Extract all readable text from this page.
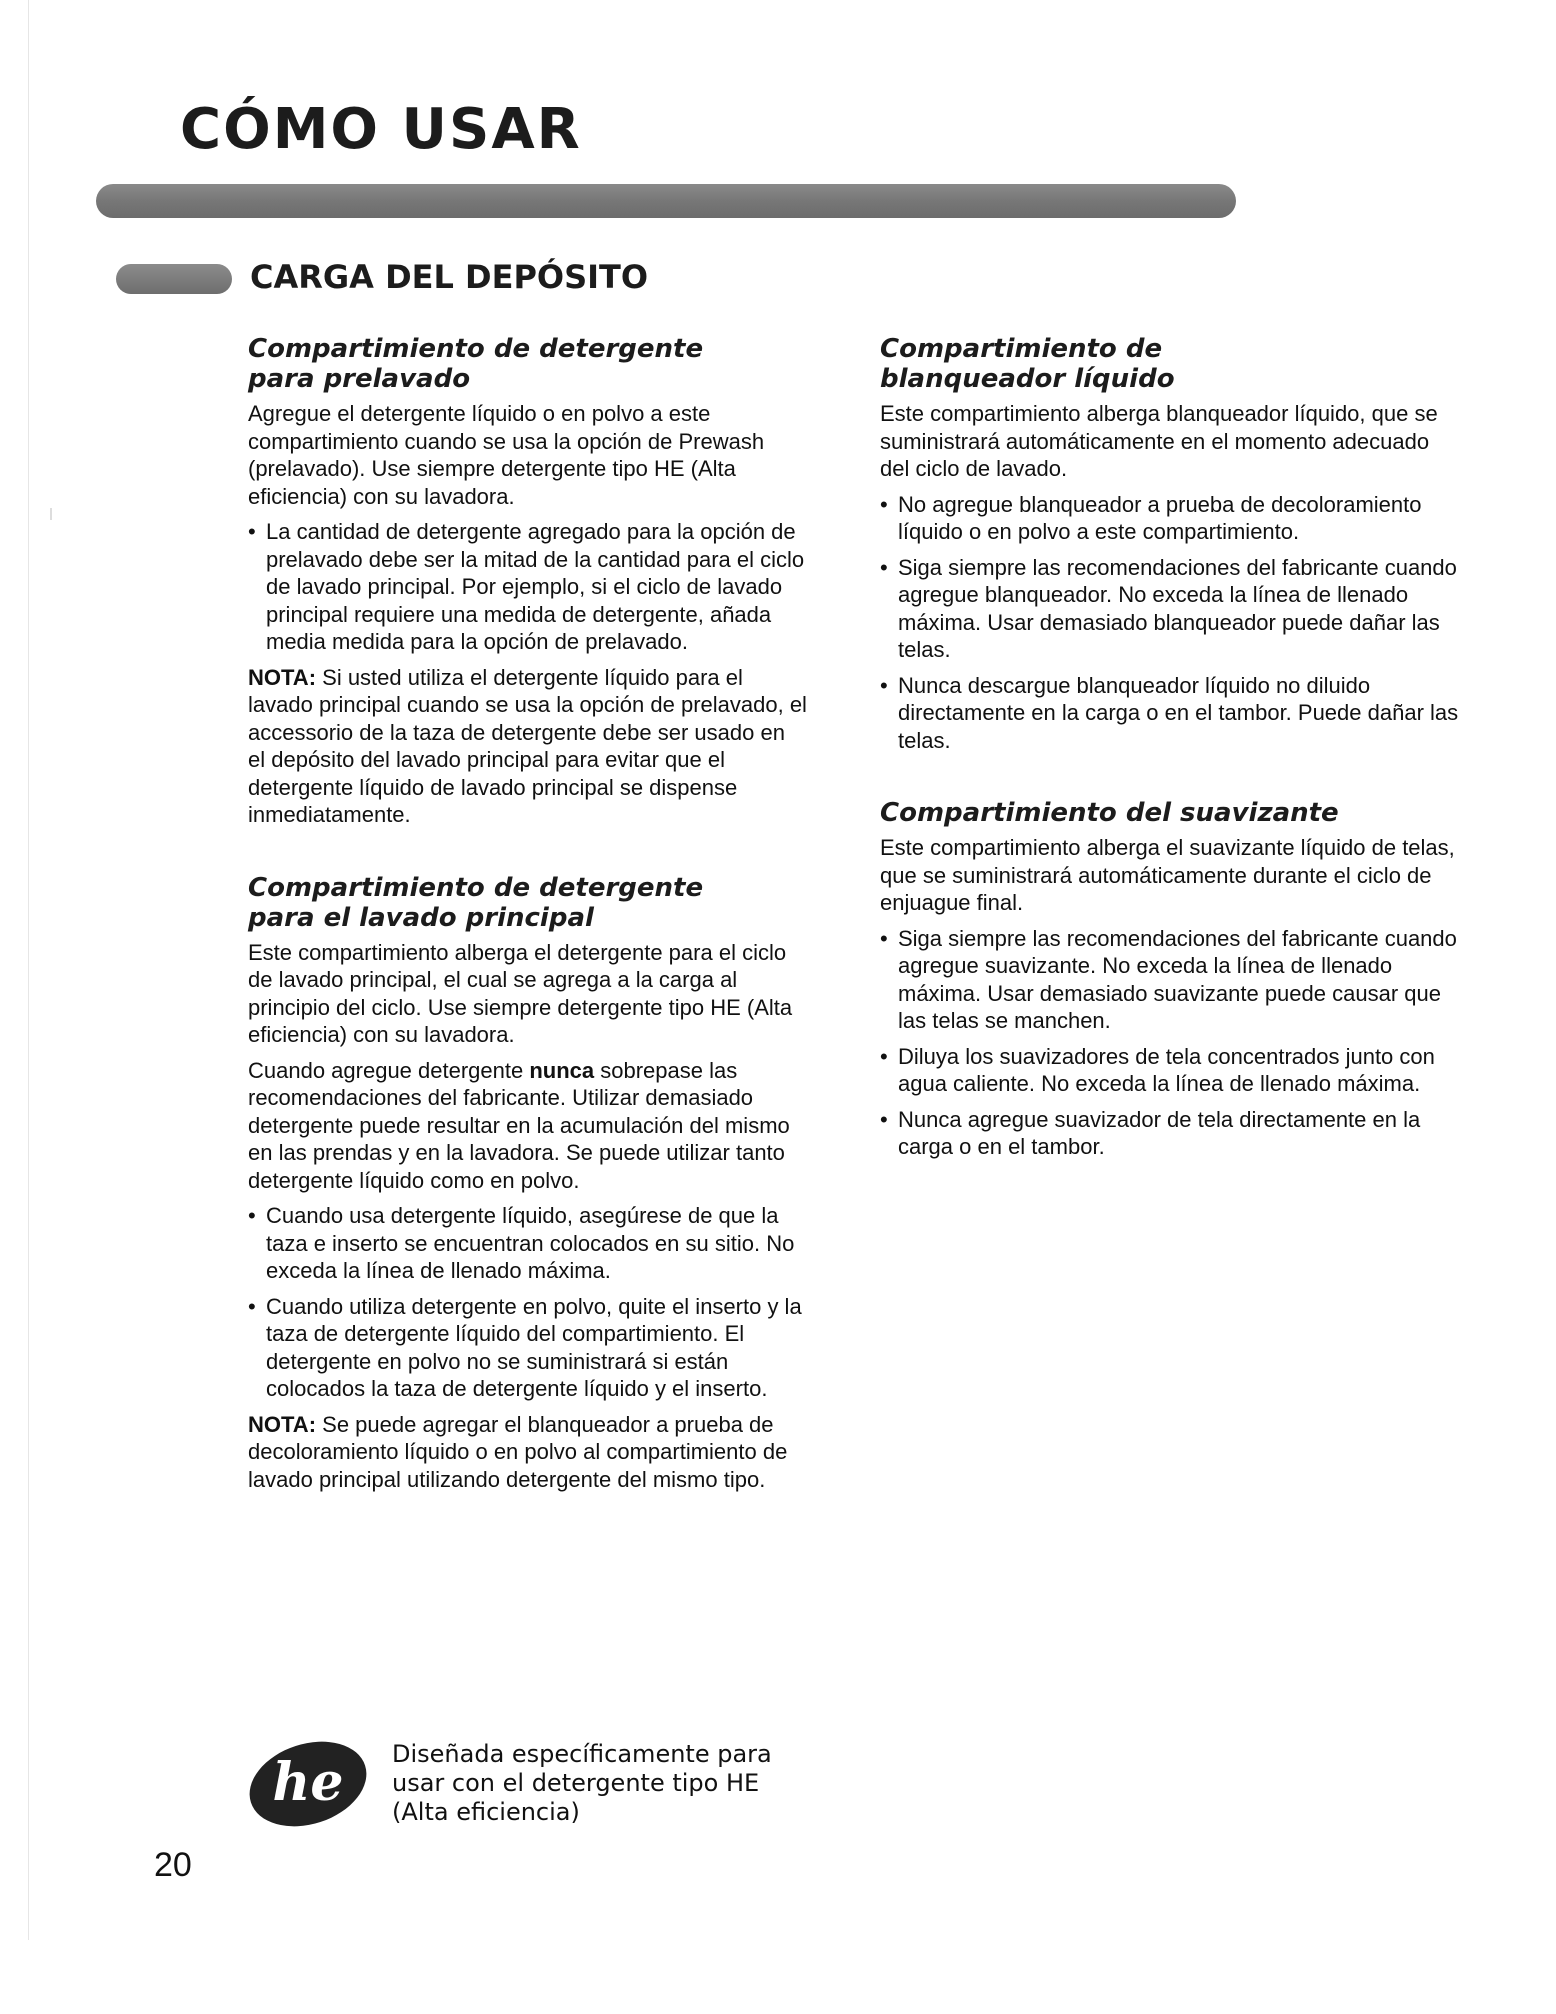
CÓMO USAR
CARGA DEL DEPÓSITO
Compartimiento de detergente
para prelavado

Agregue el detergente líquido o en polvo a este compartimiento cuando se usa la opción de Prewash (prelavado). Use siempre detergente tipo HE (Alta eficiencia) con su lavadora.

• La cantidad de detergente agregado para la opción de prelavado debe ser la mitad de la cantidad para el ciclo de lavado principal. Por ejemplo, si el ciclo de lavado principal requiere una medida de detergente, añada media medida para la opción de prelavado.

NOTA: Si usted utiliza el detergente líquido para el lavado principal cuando se usa la opción de prelavado, el accessorio de la taza de detergente debe ser usado en el depósito del lavado principal para evitar que el detergente líquido de lavado principal se dispense inmediatamente.

Compartimiento de detergente
para el lavado principal

Este compartimiento alberga el detergente para el ciclo de lavado principal, el cual se agrega a la carga al principio del ciclo. Use siempre detergente tipo HE (Alta eficiencia) con su lavadora.

Cuando agregue detergente nunca sobrepase las recomendaciones del fabricante. Utilizar demasiado detergente puede resultar en la acumulación del mismo en las prendas y en la lavadora. Se puede utilizar tanto detergente líquido como en polvo.

• Cuando usa detergente líquido, asegúrese de que la taza e inserto se encuentran colocados en su sitio. No exceda la línea de llenado máxima.
• Cuando utiliza detergente en polvo, quite el inserto y la taza de detergente líquido del compartimiento. El detergente en polvo no se suministrará si están colocados la taza de detergente líquido y el inserto.

NOTA: Se puede agregar el blanqueador a prueba de decoloramiento líquido o en polvo al compartimiento de lavado principal utilizando detergente del mismo tipo.

Compartimiento de
blanqueador líquido

Este compartimiento alberga blanqueador líquido, que se suministrará automáticamente en el momento adecuado del ciclo de lavado.

• No agregue blanqueador a prueba de decoloramiento líquido o en polvo a este compartimiento.
• Siga siempre las recomendaciones del fabricante cuando agregue blanqueador. No exceda la línea de llenado máxima. Usar demasiado blanqueador puede dañar las telas.
• Nunca descargue blanqueador líquido no diluido directamente en la carga o en el tambor. Puede dañar las telas.
Compartimiento del suavizante

Este compartimiento alberga el suavizante líquido de telas, que se suministrará automáticamente durante el ciclo de enjuague final.

• Siga siempre las recomendaciones del fabricante cuando agregue suavizante. No exceda la línea de llenado máxima. Usar demasiado suavizante puede causar que las telas se manchen.
• Diluya los suavizadores de tela concentrados junto con agua caliente. No exceda la línea de llenado máxima.
• Nunca agregue suavizador de tela directamente en la carga o en el tambor.
he Diseñada específicamente para
usar con el detergente tipo HE
(Alta eficiencia)
20
